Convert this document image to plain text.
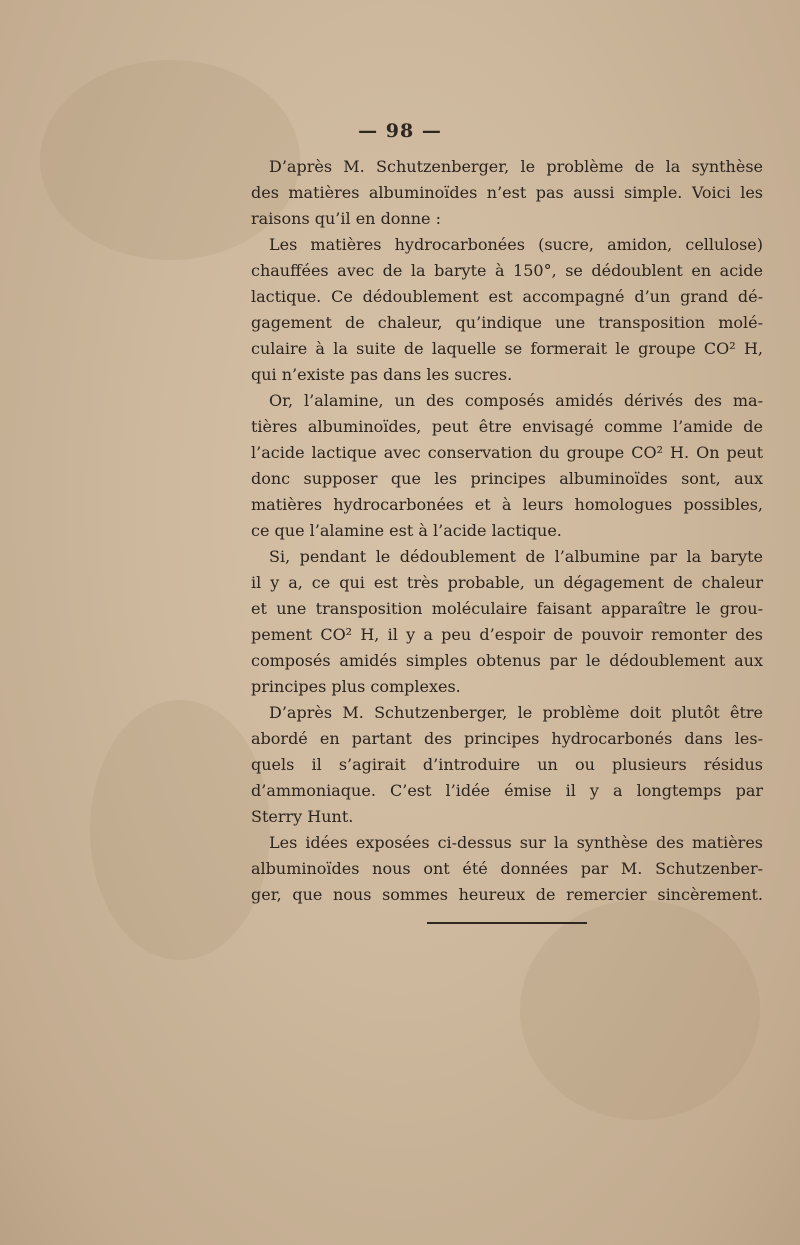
— 98 —
D’après M. Schutzenberger, le problème de la synthèse
des matières albuminoïdes n’est pas aussi simple. Voici les
raisons qu’il en donne :
Les matières hydrocarbonées (sucre, amidon, cellulose)
chauffées avec de la baryte à 150°, se dédoublent en acide
lactique. Ce dédoublement est accompagné d’un grand dé-
gagement de chaleur, qu’indique une transposition molé-
culaire à la suite de laquelle se formerait le groupe CO² H,
qui n’existe pas dans les sucres.
Or, l’alamine, un des composés amidés dérivés des ma-
tières albuminoïdes, peut être envisagé comme l’amide de
l’acide lactique avec conservation du groupe CO² H. On peut
donc supposer que les principes albuminoïdes sont, aux
matières hydrocarbonées et à leurs homologues possibles,
ce que l’alamine est à l’acide lactique.
Si, pendant le dédoublement de l’albumine par la baryte
il y a, ce qui est très probable, un dégagement de chaleur
et une transposition moléculaire faisant apparaître le grou-
pement CO² H, il y a peu d’espoir de pouvoir remonter des
composés amidés simples obtenus par le dédoublement aux
principes plus complexes.
D’après M. Schutzenberger, le problème doit plutôt être
abordé en partant des principes hydrocarbonés dans les-
quels il s’agirait d’introduire un ou plusieurs résidus
d’ammoniaque. C’est l’idée émise il y a longtemps par
Sterry Hunt.
Les idées exposées ci-dessus sur la synthèse des matières
albuminoïdes nous ont été données par M. Schutzenber-
ger, que nous sommes heureux de remercier sincèrement.
